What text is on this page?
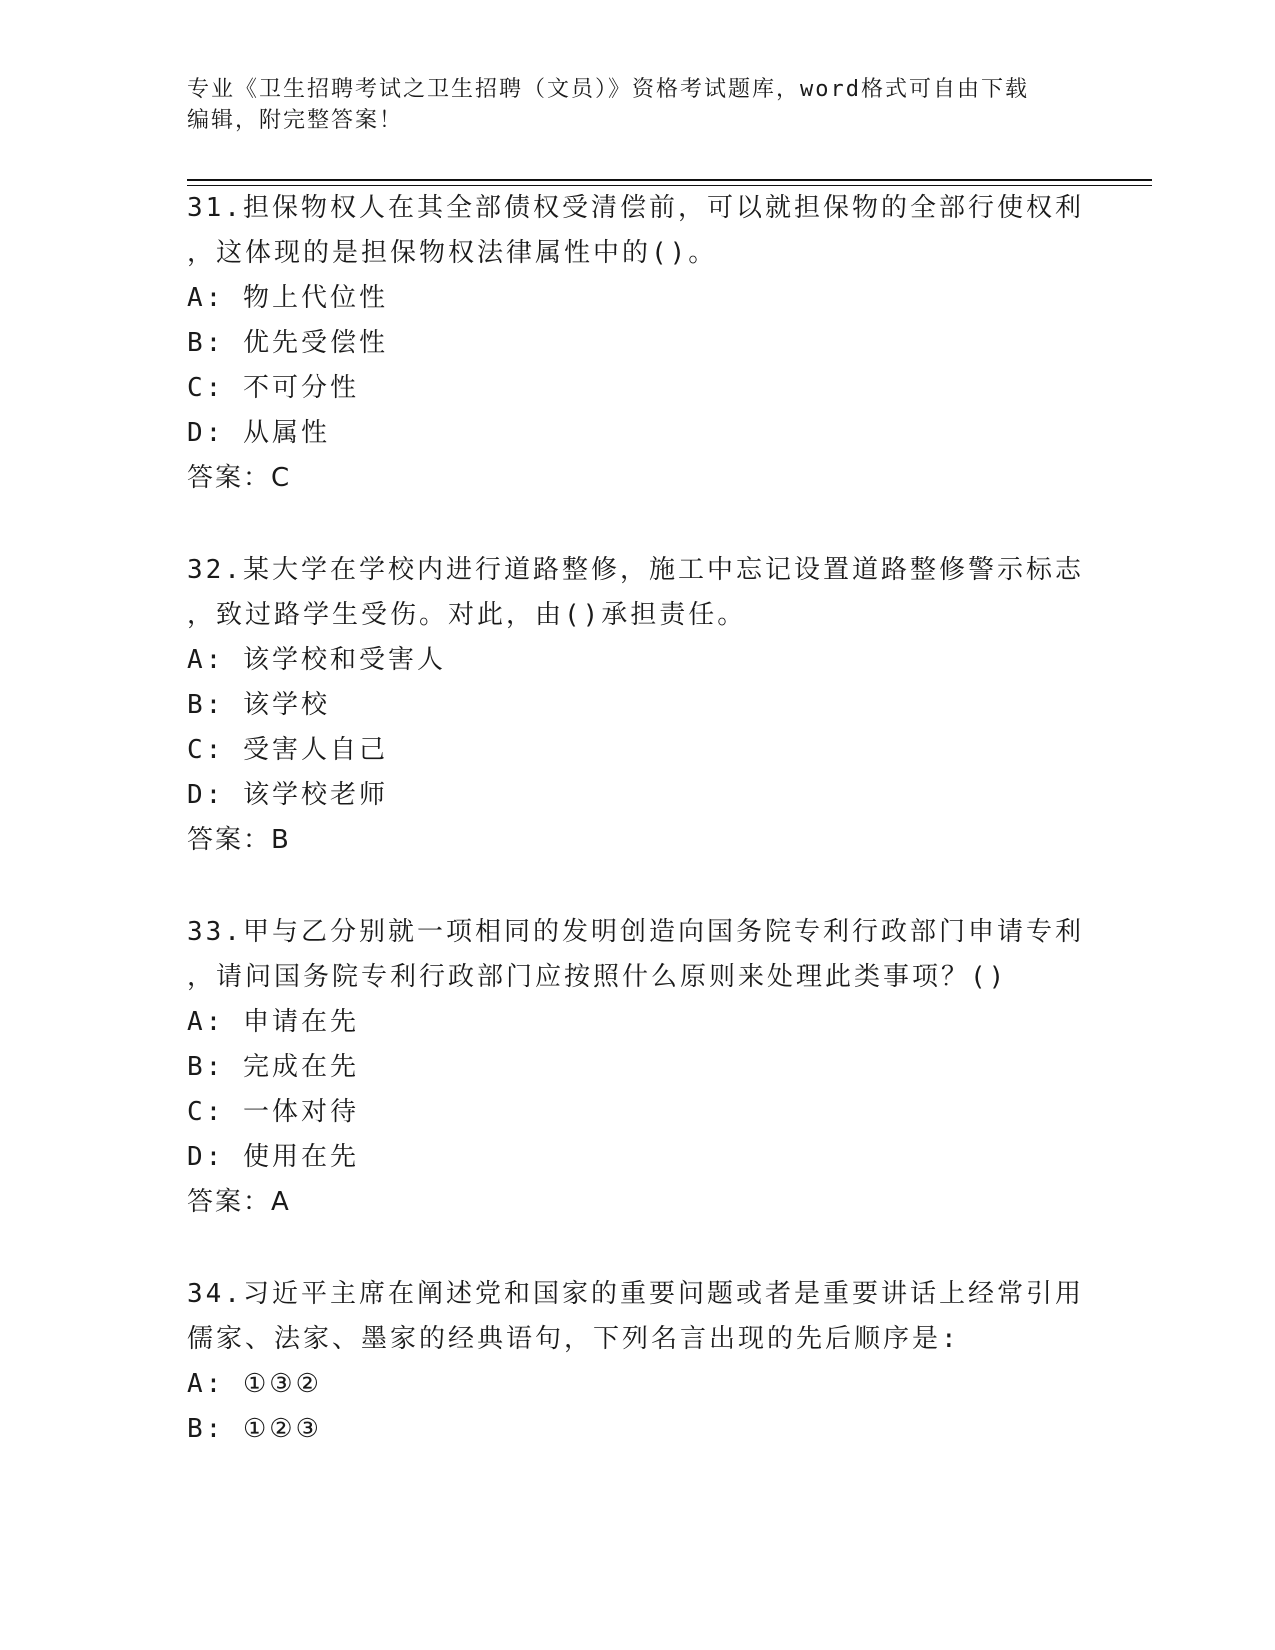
专业《卫生招聘考试之卫生招聘（文员）》资格考试题库，word格式可自由下载
编辑，附完整答案！
31.担保物权人在其全部债权受清偿前，可以就担保物的全部行使权利
，这体现的是担保物权法律属性中的()。
A: 物上代位性
B: 优先受偿性
C: 不可分性
D: 从属性
答案：C
32.某大学在学校内进行道路整修，施工中忘记设置道路整修警示标志
，致过路学生受伤。对此，由()承担责任。
A: 该学校和受害人
B: 该学校
C: 受害人自己
D: 该学校老师
答案：B
33.甲与乙分别就一项相同的发明创造向国务院专利行政部门申请专利
，请问国务院专利行政部门应按照什么原则来处理此类事项？()
A: 申请在先
B: 完成在先
C: 一体对待
D: 使用在先
答案：A
34.习近平主席在阐述党和国家的重要问题或者是重要讲话上经常引用
儒家、法家、墨家的经典语句，下列名言出现的先后顺序是:
A: ①③②
B: ①②③
